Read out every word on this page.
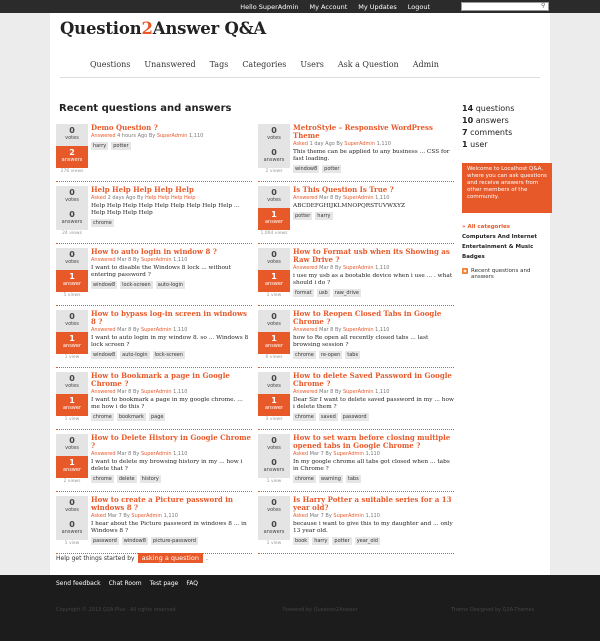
Hello SuperAdmin My Account My Updates Logout	⚲
Question2Answer Q&A
Questions Unanswered Tags Categories Users Ask a Question Admin
Recent questions and answers
0
votes
2
answers
276 views
Demo Question ?
Answered 4 hours Ago By SuperAdmin 1,110
harry	potter
0
votes
0
answers
2 views
MetroStyle – Responsive WordPress Theme
Asked 1 day Ago By SuperAdmin 1,110
This theme can be applied to any business ... CSS for fast loading.
window8	potter
0
votes
0
answers
24 views
Help Help Help Help Help
Asked 2 days Ago By Help Help Help Help
Help Help Help Help Help Help Help Help Help ... Help Help Help Help
chrome
0
votes
1
answer
1,064 views
Is This Question Is True ?
Answered Mar 8 By SuperAdmin 1,110
ABCDEFGHIJKLMNOPQRSTUVWXYZ
potter	harry
0
votes
1
answer
5 views
How to auto login in window 8 ?
Answered Mar 8 By SuperAdmin 1,110
I want to disable the Windows 8 lock ... without entering password ?
window8	lock-screen	auto-login
0
votes
1
answer
1 view
How to Format usb when its Showing as Raw Drive ?
Answered Mar 8 By SuperAdmin 1,110
i use my usb as a bootable device when i use ... . what should i do ?
format	usb	raw_drive
0
votes
1
answer
1 view
How to bypass log-in screen in windows 8 ?
Answered Mar 8 By SuperAdmin 1,110
I want to auto login in my window 8. so ... Windows 8 lock screen ?
window8	auto-login	lock-screen
0
votes
1
answer
6 views
How to Reopen Closed Tabs in Google Chrome ?
Answered Mar 8 By SuperAdmin 1,110
how to Re open all recently closed tabs ... last browsing session ?
chrome	re-open	tabs
0
votes
1
answer
1 view
How to Bookmark a page in Google Chrome ?
Answered Mar 8 By SuperAdmin 1,110
I want to bookmark a page in my google chrome. ... me how i do this ?
chrome	bookmark	page
0
votes
1
answer
3 views
How to delete Saved Password in Google Chrome ?
Answered Mar 8 By SuperAdmin 1,110
Dear Sir I want to delete saved password in my ... how i delete them ?
chrome	saved	password
0
votes
1
answer
2 views
How to Delete History in Google Chrome ?
Answered Mar 8 By SuperAdmin 1,110
I want to delete my browsing history in my ... how i delete that ?
chrome	delete	history
0
votes
0
answers
1 view
How to set warn before closing multiple opened tabs in Google Chrome ?
Asked Mar 7 By SuperAdmin 1,110
In my google chrome all tabs got closed when ... tabs in Chrome ?
chrome	warning	tabs
0
votes
0
answers
1 view
How to create a Picture password in windows 8 ?
Asked Mar 7 By SuperAdmin 1,110
I hear about the Picture password in windows 8 ... in Windows 8 ?
password	window8	picture-password
0
votes
0
answers
1 view
Is Harry Potter a suitable series for a 13 year old?
Asked Mar 7 By SuperAdmin 1,110
because i want to give this to my daughter and ... only 13 year old.
book	harry	potter	year_old
Help get things started by	asking a question	.
14 questions
10 answers
7 comments
1 user
Welcome to Localhost Q&A, where you can ask questions and receive answers from other members of the community.
» All categories
Computers And Internet
Entertainment & Music
Badges
◉ Recent questions and answers
Send feedback Chat Room Test page FAQ
Copyright © 2013 Q2A Plus · All rights reserved	Powered by Question2Answer	Theme Designed by Q2A-Themes
